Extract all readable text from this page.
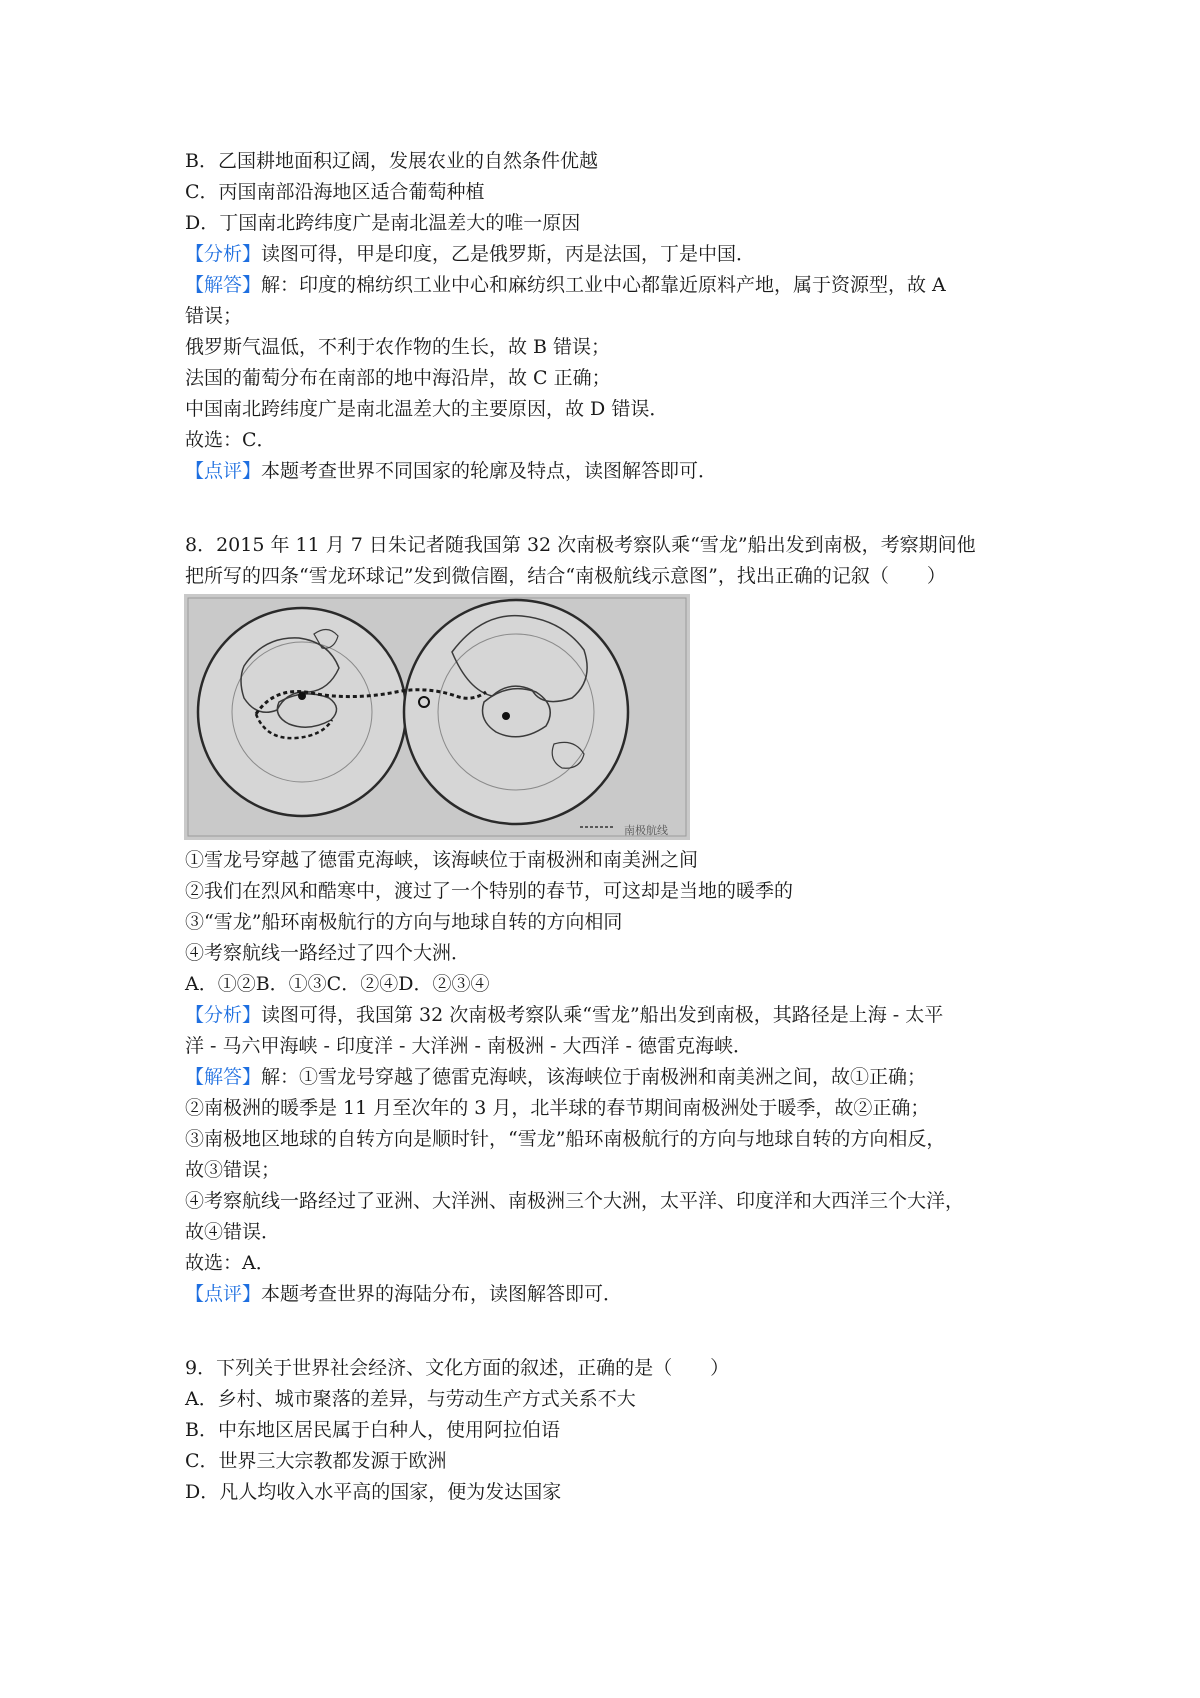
B．乙国耕地面积辽阔，发展农业的自然条件优越
C．丙国南部沿海地区适合葡萄种植
D．丁国南北跨纬度广是南北温差大的唯一原因
【分析】读图可得，甲是印度，乙是俄罗斯，丙是法国，丁是中国．
【解答】解：印度的棉纺织工业中心和麻纺织工业中心都靠近原料产地，属于资源型，故 A
错误；
俄罗斯气温低，不利于农作物的生长，故 B 错误；
法国的葡萄分布在南部的地中海沿岸，故 C 正确；
中国南北跨纬度广是南北温差大的主要原因，故 D 错误．
故选：C．
【点评】本题考查世界不同国家的轮廓及特点，读图解答即可．
8．2015 年 11 月 7 日朱记者随我国第 32 次南极考察队乘“雪龙”船出发到南极，考察期间他
把所写的四条“雪龙环球记”发到微信圈，结合“南极航线示意图”，找出正确的记叙（　　）
南极航线
①雪龙号穿越了德雷克海峡，该海峡位于南极洲和南美洲之间
②我们在烈风和酷寒中，渡过了一个特别的春节，可这却是当地的暖季的
③“雪龙”船环南极航行的方向与地球自转的方向相同
④考察航线一路经过了四个大洲．
A．①②B．①③C．②④D．②③④
【分析】读图可得，我国第 32 次南极考察队乘“雪龙”船出发到南极，其路径是上海 - 太平
洋 - 马六甲海峡 - 印度洋 - 大洋洲 - 南极洲 - 大西洋 - 德雷克海峡．
【解答】解：①雪龙号穿越了德雷克海峡，该海峡位于南极洲和南美洲之间，故①正确；
②南极洲的暖季是 11 月至次年的 3 月，北半球的春节期间南极洲处于暖季，故②正确；
③南极地区地球的自转方向是顺时针，“雪龙”船环南极航行的方向与地球自转的方向相反，
故③错误；
④考察航线一路经过了亚洲、大洋洲、南极洲三个大洲，太平洋、印度洋和大西洋三个大洋，
故④错误．
故选：A．
【点评】本题考查世界的海陆分布，读图解答即可．
9．下列关于世界社会经济、文化方面的叙述，正确的是（　　）
A．乡村、城市聚落的差异，与劳动生产方式关系不大
B．中东地区居民属于白种人，使用阿拉伯语
C．世界三大宗教都发源于欧洲
D．凡人均收入水平高的国家，便为发达国家
